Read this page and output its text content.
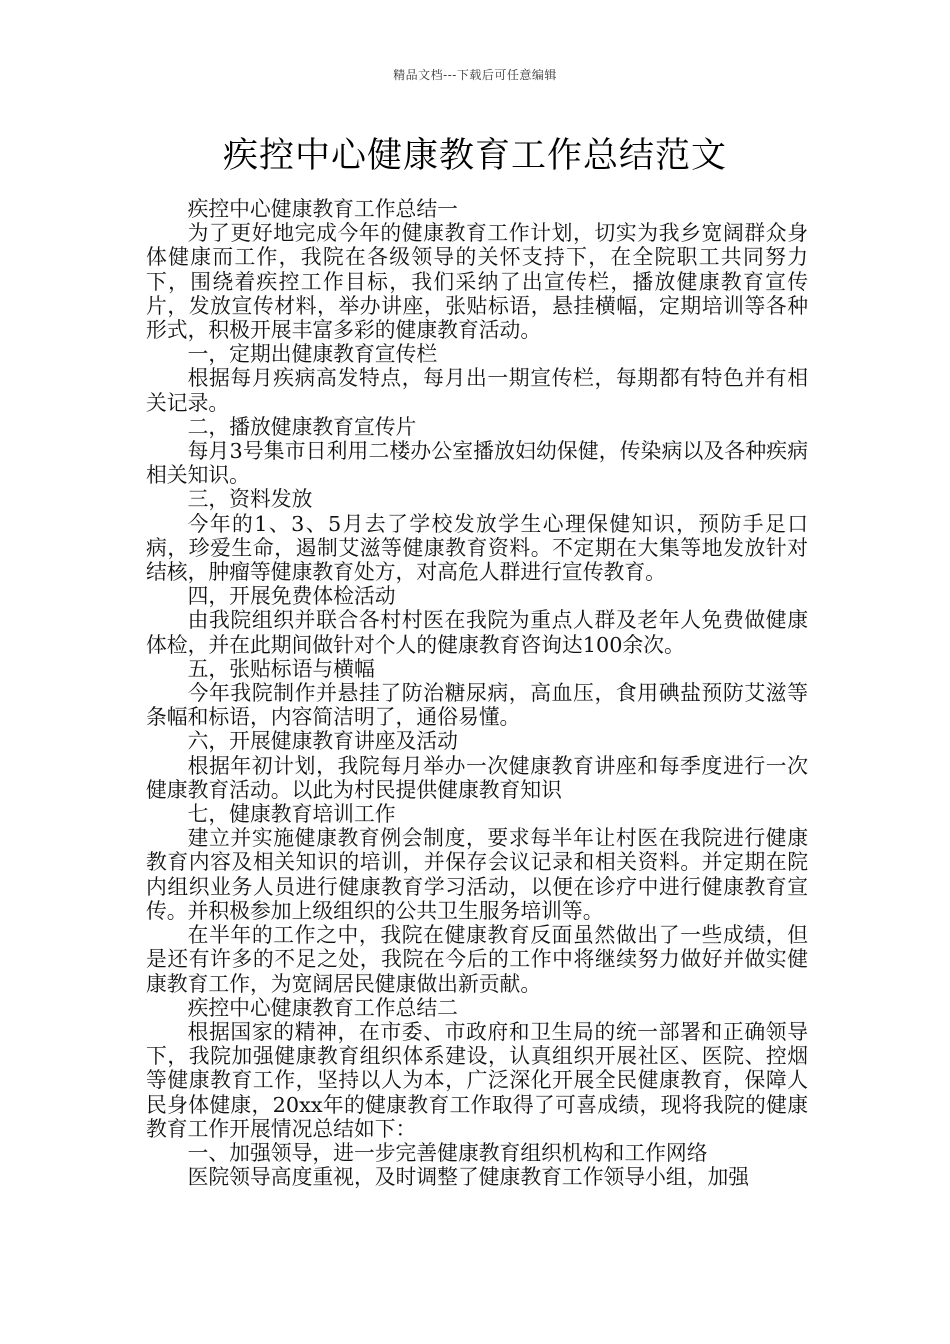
精品文档---下载后可任意编辑
疾控中心健康教育工作总结范文

疾控中心健康教育工作总结一

为了更好地完成今年的健康教育工作计划，切实为我乡宽阔群众身体健康而工作，我院在各级领导的关怀支持下，在全院职工共同努力下，围绕着疾控工作目标，我们采纳了出宣传栏，播放健康教育宣传片，发放宣传材料，举办讲座，张贴标语，悬挂横幅，定期培训等各种形式，积极开展丰富多彩的健康教育活动。

一，定期出健康教育宣传栏

根据每月疾病高发特点，每月出一期宣传栏，每期都有特色并有相关记录。

二，播放健康教育宣传片

每月3号集市日利用二楼办公室播放妇幼保健，传染病以及各种疾病相关知识。

三，资料发放

今年的1、3、5月去了学校发放学生心理保健知识，预防手足口病，珍爱生命，遏制艾滋等健康教育资料。不定期在大集等地发放针对结核，肿瘤等健康教育处方，对高危人群进行宣传教育。

四，开展免费体检活动

由我院组织并联合各村村医在我院为重点人群及老年人免费做健康体检，并在此期间做针对个人的健康教育咨询达100余次。

五，张贴标语与横幅

今年我院制作并悬挂了防治糖尿病，高血压，食用碘盐预防艾滋等条幅和标语，内容简洁明了，通俗易懂。

六，开展健康教育讲座及活动

根据年初计划，我院每月举办一次健康教育讲座和每季度进行一次健康教育活动。以此为村民提供健康教育知识

七，健康教育培训工作

建立并实施健康教育例会制度，要求每半年让村医在我院进行健康教育内容及相关知识的培训，并保存会议记录和相关资料。并定期在院内组织业务人员进行健康教育学习活动，以便在诊疗中进行健康教育宣传。并积极参加上级组织的公共卫生服务培训等。

在半年的工作之中，我院在健康教育反面虽然做出了一些成绩，但是还有许多的不足之处，我院在今后的工作中将继续努力做好并做实健康教育工作，为宽阔居民健康做出新贡献。

疾控中心健康教育工作总结二

根据国家的精神，在市委、市政府和卫生局的统一部署和正确领导下，我院加强健康教育组织体系建设，认真组织开展社区、医院、控烟等健康教育工作，坚持以人为本，广泛深化开展全民健康教育，保障人民身体健康，20xx年的健康教育工作取得了可喜成绩，现将我院的健康教育工作开展情况总结如下：

一、加强领导，进一步完善健康教育组织机构和工作网络

医院领导高度重视，及时调整了健康教育工作领导小组，加强
